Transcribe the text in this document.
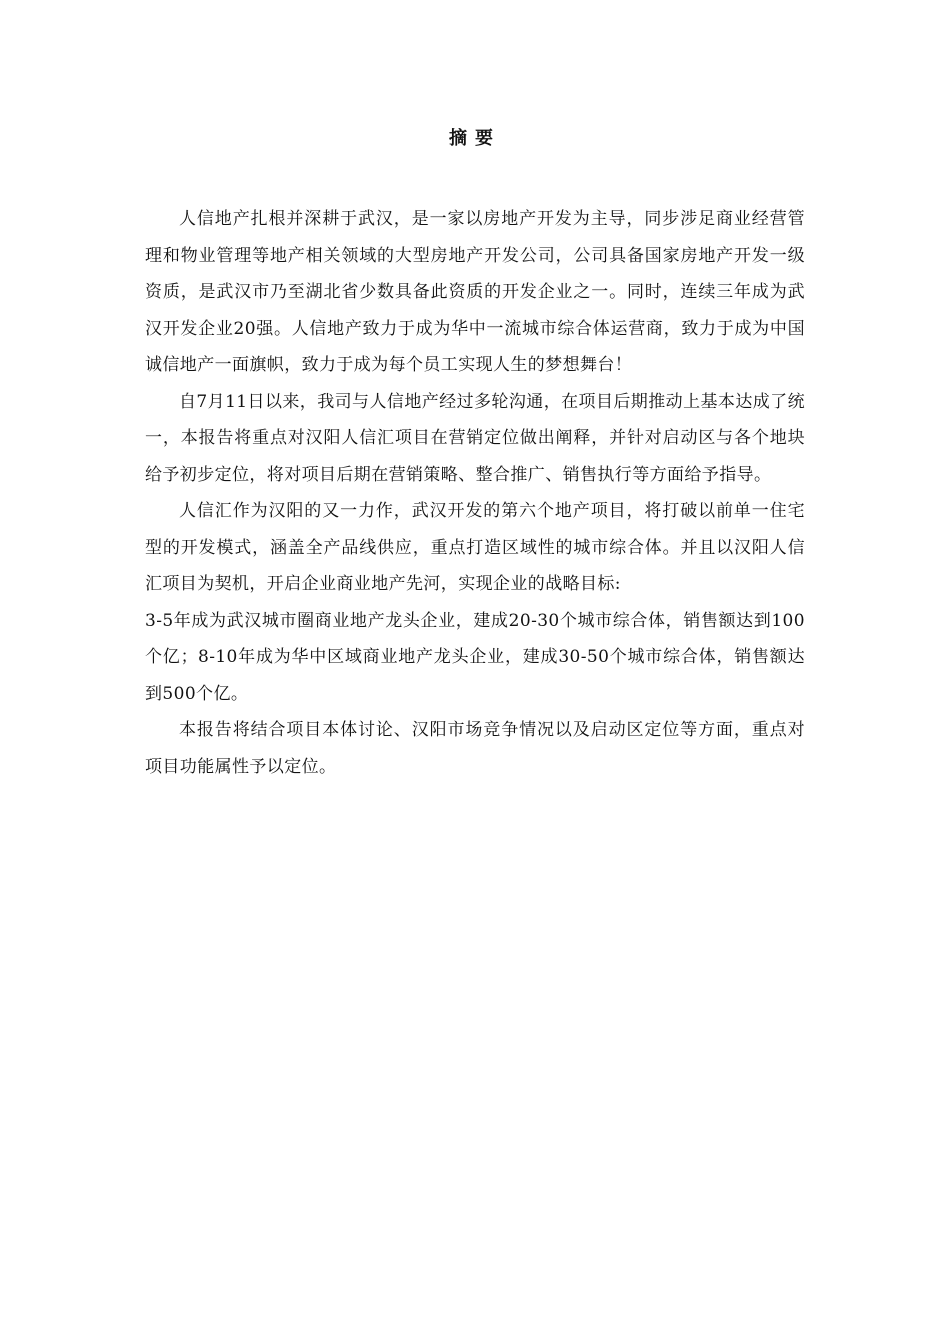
摘要

人信地产扎根并深耕于武汉，是一家以房地产开发为主导，同步涉足商业经营管理和物业管理等地产相关领域的大型房地产开发公司，公司具备国家房地产开发一级资质，是武汉市乃至湖北省少数具备此资质的开发企业之一。同时，连续三年成为武汉开发企业20强。人信地产致力于成为华中一流城市综合体运营商，致力于成为中国诚信地产一面旗帜，致力于成为每个员工实现人生的梦想舞台！

自7月11日以来，我司与人信地产经过多轮沟通，在项目后期推动上基本达成了统一，本报告将重点对汉阳人信汇项目在营销定位做出阐释，并针对启动区与各个地块给予初步定位，将对项目后期在营销策略、整合推广、销售执行等方面给予指导。

人信汇作为汉阳的又一力作，武汉开发的第六个地产项目，将打破以前单一住宅型的开发模式，涵盖全产品线供应，重点打造区域性的城市综合体。并且以汉阳人信汇项目为契机，开启企业商业地产先河，实现企业的战略目标:

3-5年成为武汉城市圈商业地产龙头企业，建成20-30个城市综合体，销售额达到100个亿；8-10年成为华中区域商业地产龙头企业，建成30-50个城市综合体，销售额达到500个亿。

本报告将结合项目本体讨论、汉阳市场竞争情况以及启动区定位等方面，重点对项目功能属性予以定位。
